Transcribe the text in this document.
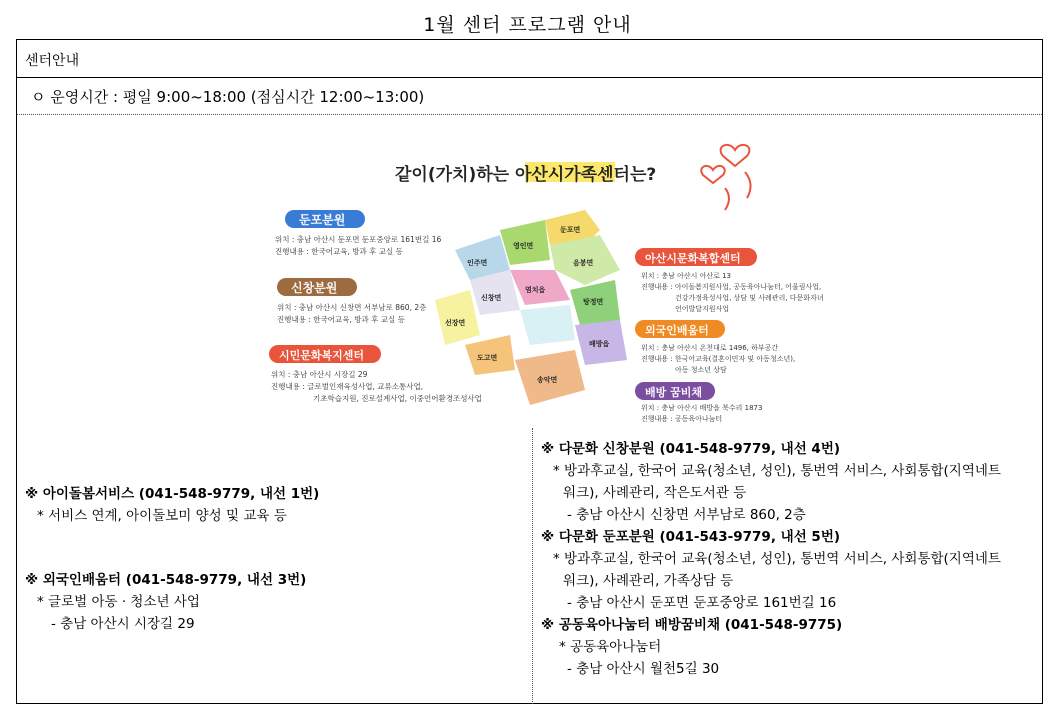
1월 센터 프로그램 안내
센터안내
ㅇ 운영시간 : 평일 9:00~18:00 (점심시간 12:00~13:00)
같이(가치)하는 아산시가족센터는?
둔포분원
위치 : 충남 아산시 둔포면 둔포중앙로 161번길 16
진행내용 : 한국어교육, 방과 후 교실 등
신창분원
위치 : 충남 아산시 신창면 서부남로 860, 2층
진행내용 : 한국어교육, 방과 후 교실 등
시민문화복지센터
위치 : 충남 아산시 시장길 29
진행내용 : 글로벌인재육성사업, 교류소통사업,
기초학습지원, 진로설계사업, 이중언어환경조성사업
아산시문화복합센터
위치 : 충남 아산시 아산로 13
진행내용 : 아이돌봄지원사업, 공동육아나눔터, 어울림사업,
건강가정육성사업, 상담 및 사례관리, 다문화자녀
언어발달지원사업
외국인배움터
위치 : 충남 아산시 온천대로 1496, 하부공간
진행내용 : 한국어교육(결혼이민자 및 아동청소년),
아동 청소년 상담
배방 꿈비채
위치 : 충남 아산시 배방읍 북수리 1873
진행내용 : 공동육아나눔터
둔포면
영인면
인주면	음봉면
염치읍
신창면	탕정면
선장면
도고면
배방읍
송악면
※ 아이돌봄서비스 (041-548-9779, 내선 1번)
* 서비스 연계, 아이돌보미 양성 및 교육 등
※ 외국인배움터 (041-548-9779, 내선 3번)
* 글로벌 아동 · 청소년 사업
- 충남 아산시 시장길 29
※ 다문화 신창분원 (041-548-9779, 내선 4번)
* 방과후교실, 한국어 교육(청소년, 성인), 통번역 서비스, 사회통합(지역네트
워크), 사례관리, 작은도서관 등
- 충남 아산시 신창면 서부남로 860, 2층
※ 다문화 둔포분원 (041-543-9779, 내선 5번)
* 방과후교실, 한국어 교육(청소년, 성인), 통번역 서비스, 사회통합(지역네트
워크), 사례관리, 가족상담 등
- 충남 아산시 둔포면 둔포중앙로 161번길 16
※ 공동육아나눔터 배방꿈비채 (041-548-9775)
* 공동육아나눔터
- 충남 아산시 월천5길 30
